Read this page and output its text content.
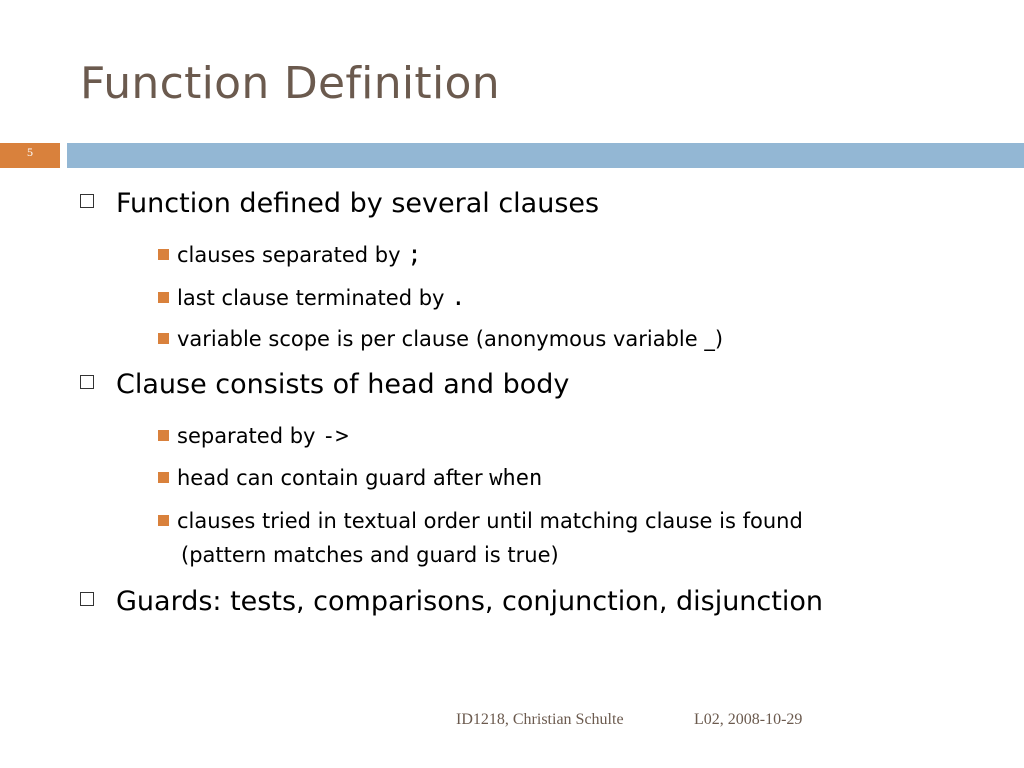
Function Definition
5
Function defined by several clauses
clauses separated by ;
last clause terminated by .
variable scope is per clause (anonymous variable _)
Clause consists of head and body
separated by ->
head can contain guard after when
clauses tried in textual order until matching clause is found
(pattern matches and guard is true)
Guards: tests, comparisons, conjunction, disjunction
ID1218, Christian Schulte	L02, 2008-10-29
